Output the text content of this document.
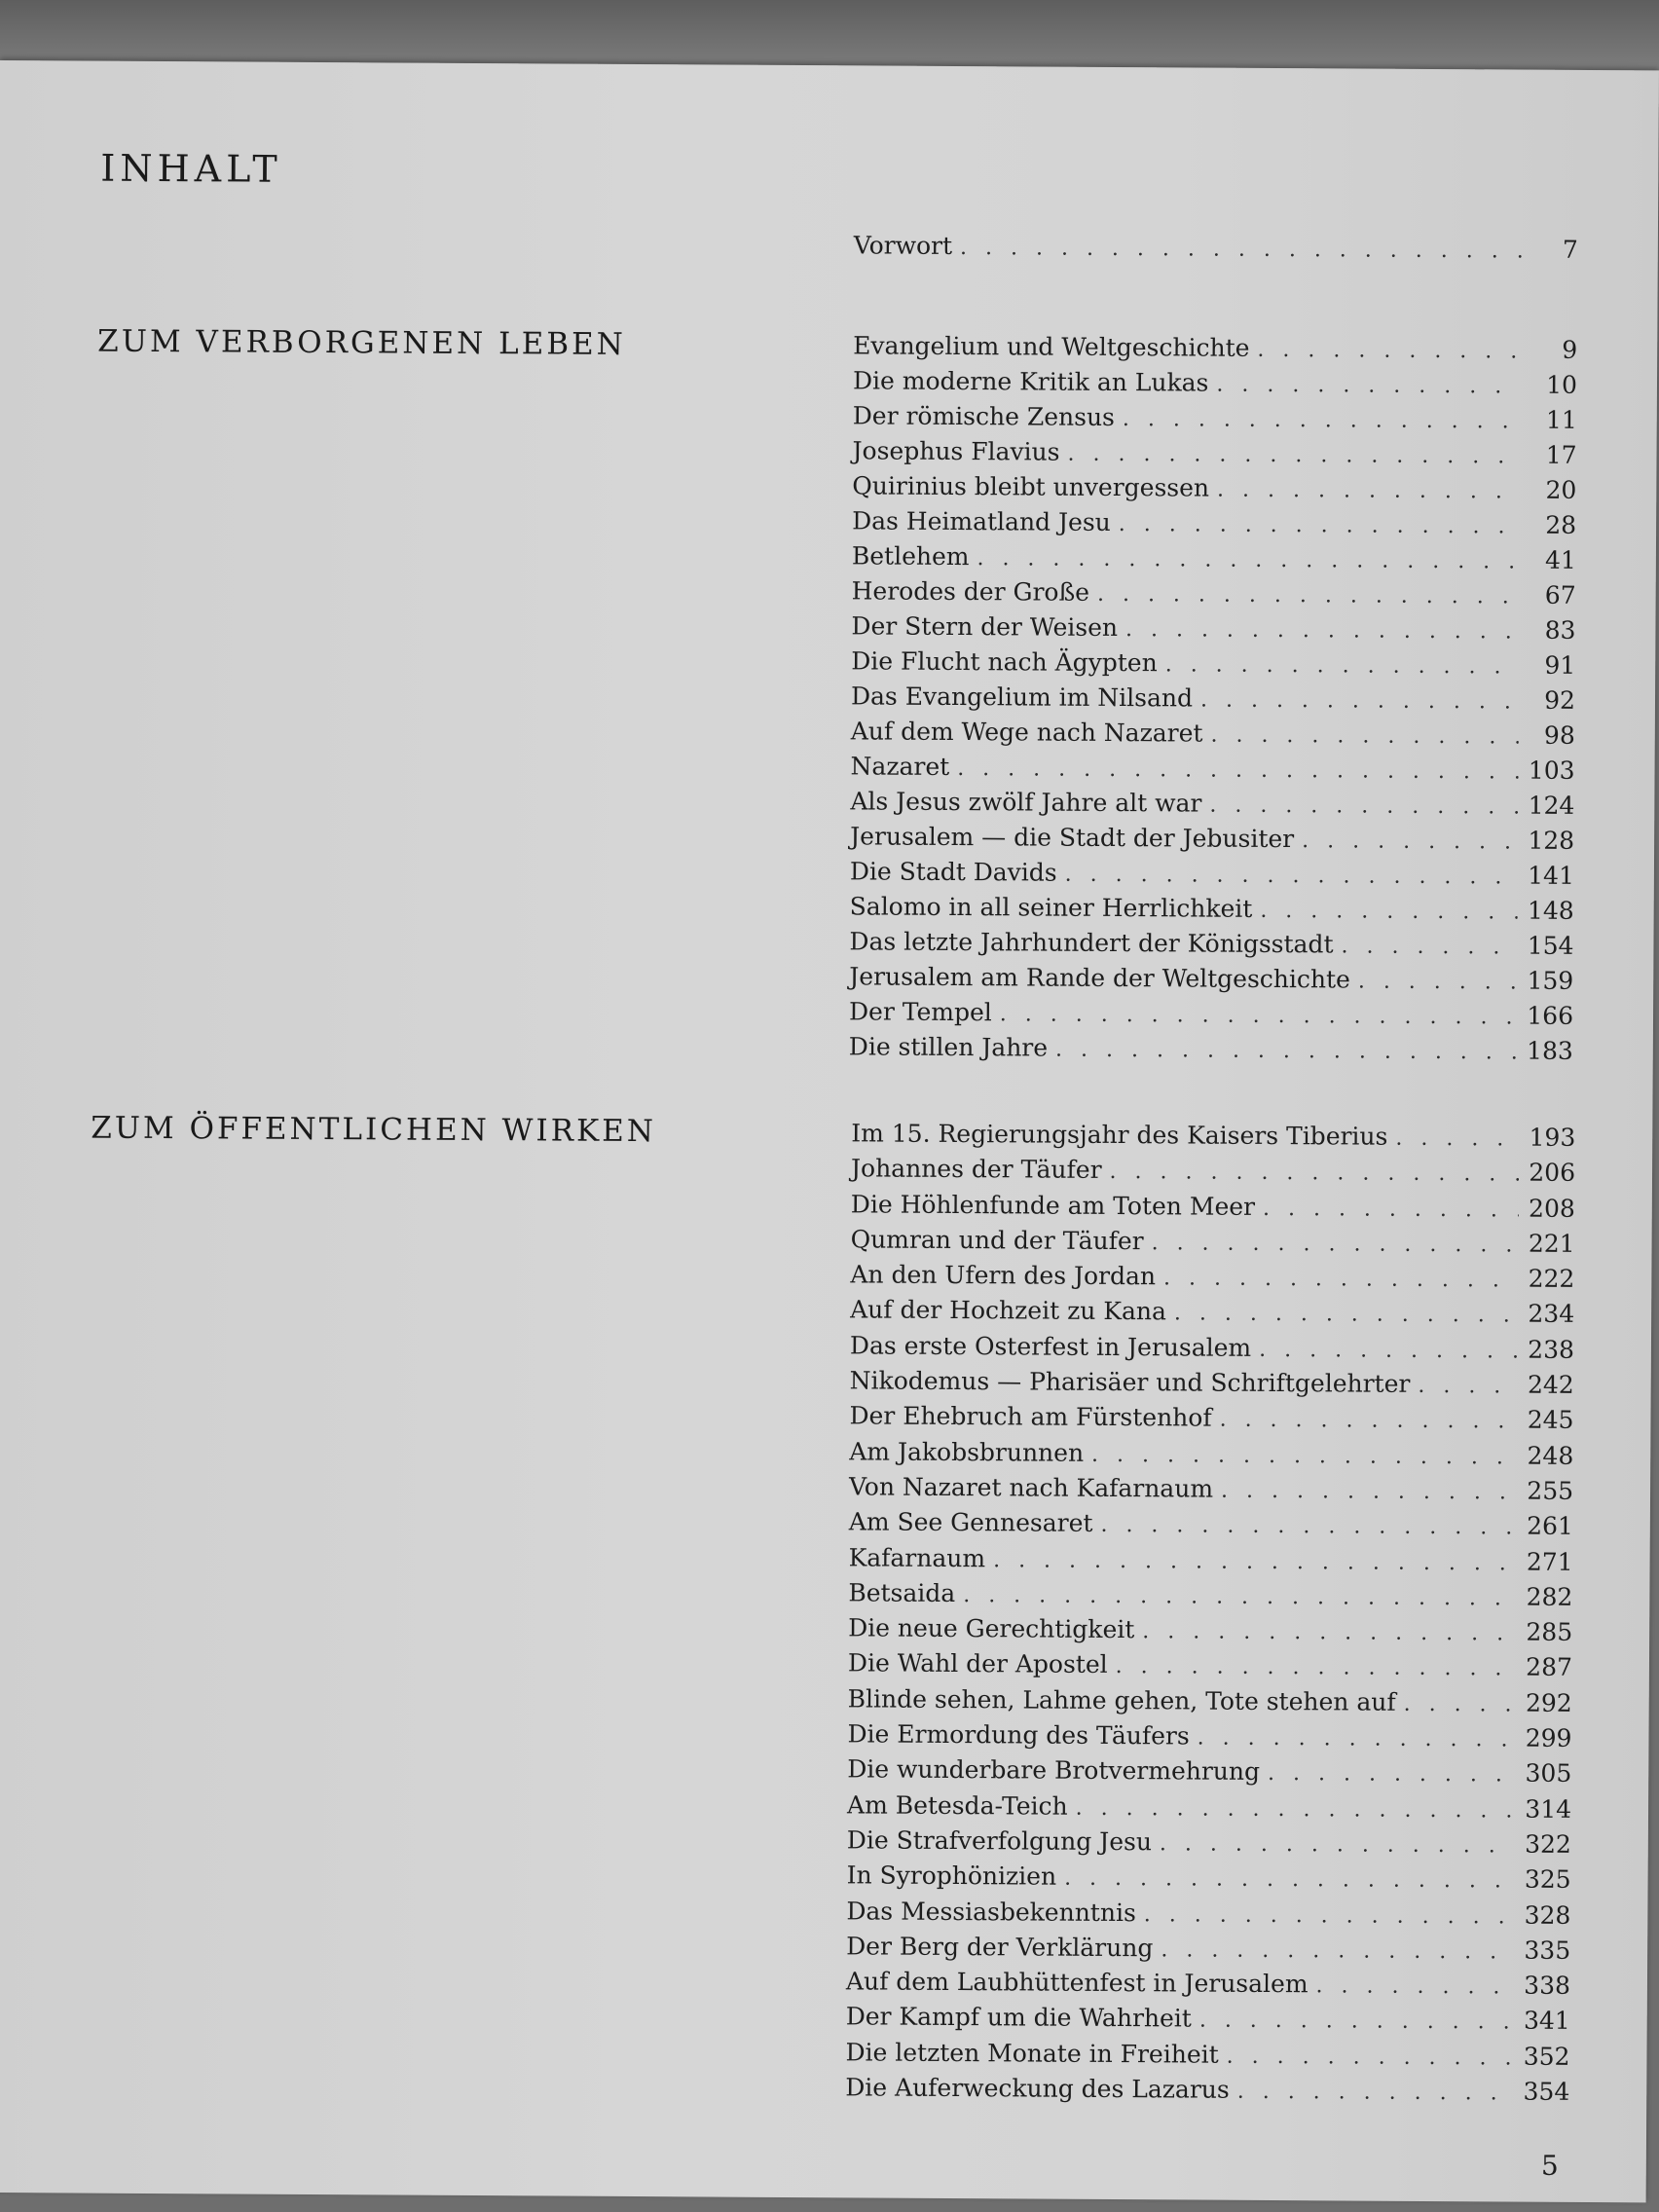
INHALT
Vorwort . . .	7
ZUM VERBORGENEN LEBEN	Evangelium und Weltgeschichte . . .	9
Die moderne Kritik an Lukas . . .	10
Der römische Zensus . . .	11
Josephus Flavius . . .	17
Quirinius bleibt unvergessen . . .	20
Das Heimatland Jesu . . .	28
Betlehem . . .	41
Herodes der Große . . .	67
Der Stern der Weisen . . .	83
Die Flucht nach Ägypten . . .	91
Das Evangelium im Nilsand . . .	92
Auf dem Wege nach Nazaret . . .	98
Nazaret . . .	103
Als Jesus zwölf Jahre alt war . . .	124
Jerusalem — die Stadt der Jebusiter . . .	128
Die Stadt Davids . . .	141
Salomo in all seiner Herrlichkeit . . .	148
Das letzte Jahrhundert der Königsstadt . . .	154
Jerusalem am Rande der Weltgeschichte . . .	159
Der Tempel . . .	166
Die stillen Jahre . . .	183
ZUM ÖFFENTLICHEN WIRKEN	Im 15. Regierungsjahr des Kaisers Tiberius . . .	193
Johannes der Täufer . . .	206
Die Höhlenfunde am Toten Meer . . .	208
Qumran und der Täufer . . .	221
An den Ufern des Jordan . . .	222
Auf der Hochzeit zu Kana . . .	234
Das erste Osterfest in Jerusalem . . .	238
Nikodemus — Pharisäer und Schriftgelehrter . . .	242
Der Ehebruch am Fürstenhof . . .	245
Am Jakobsbrunnen . . .	248
Von Nazaret nach Kafarnaum . . .	255
Am See Gennesaret . . .	261
Kafarnaum . . .	271
Betsaida . . .	282
Die neue Gerechtigkeit . . .	285
Die Wahl der Apostel . . .	287
Blinde sehen, Lahme gehen, Tote stehen auf . . .	292
Die Ermordung des Täufers . . .	299
Die wunderbare Brotvermehrung . . .	305
Am Betesda-Teich . . .	314
Die Strafverfolgung Jesu . . .	322
In Syrophönizien . . .	325
Das Messiasbekenntnis . . .	328
Der Berg der Verklärung . . .	335
Auf dem Laubhüttenfest in Jerusalem . . .	338
Der Kampf um die Wahrheit . . .	341
Die letzten Monate in Freiheit . . .	352
Die Auferweckung des Lazarus . . .	354
5
